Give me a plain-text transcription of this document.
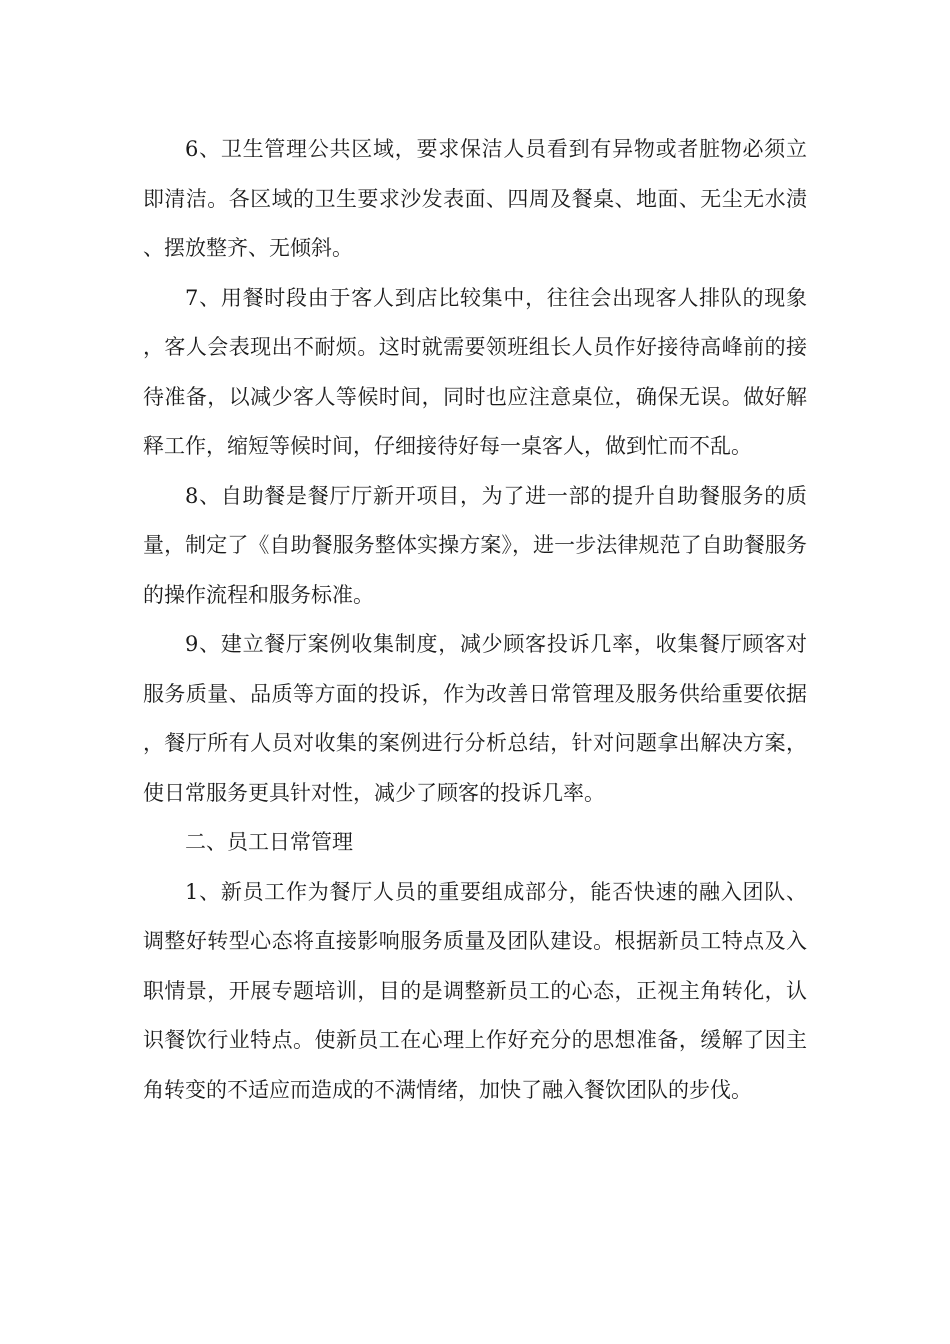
6、卫生管理公共区域，要求保洁人员看到有异物或者脏物必须立即清洁。各区域的卫生要求沙发表面、四周及餐桌、地面、无尘无水渍、摆放整齐、无倾斜。

7、用餐时段由于客人到店比较集中，往往会出现客人排队的现象，客人会表现出不耐烦。这时就需要领班组长人员作好接待高峰前的接待准备，以减少客人等候时间，同时也应注意桌位，确保无误。做好解释工作，缩短等候时间，仔细接待好每一桌客人，做到忙而不乱。

8、自助餐是餐厅厅新开项目，为了进一部的提升自助餐服务的质量，制定了《自助餐服务整体实操方案》，进一步法律规范了自助餐服务的操作流程和服务标准。

9、建立餐厅案例收集制度，减少顾客投诉几率，收集餐厅顾客对服务质量、品质等方面的投诉，作为改善日常管理及服务供给重要依据，餐厅所有人员对收集的案例进行分析总结，针对问题拿出解决方案，使日常服务更具针对性，减少了顾客的投诉几率。

二、员工日常管理

1、新员工作为餐厅人员的重要组成部分，能否快速的融入团队、调整好转型心态将直接影响服务质量及团队建设。根据新员工特点及入职情景，开展专题培训，目的是调整新员工的心态，正视主角转化，认识餐饮行业特点。使新员工在心理上作好充分的思想准备，缓解了因主角转变的不适应而造成的不满情绪，加快了融入餐饮团队的步伐。
